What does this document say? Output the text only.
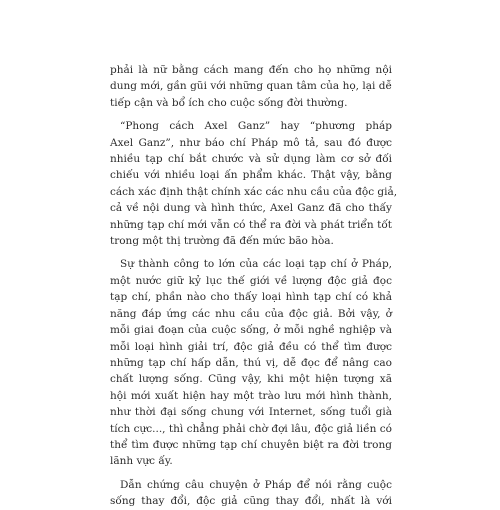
phải là nữ bằng cách mang đến cho họ những nội
dung mới, gần gũi với những quan tâm của họ, lại dễ
tiếp cận và bổ ích cho cuộc sống đời thường.

“Phong cách Axel Ganz” hay “phương pháp
Axel Ganz”, như báo chí Pháp mô tả, sau đó được
nhiều tạp chí bắt chước và sử dụng làm cơ sở đối
chiếu với nhiều loại ấn phẩm khác. Thật vậy, bằng
cách xác định thật chính xác các nhu cầu của độc giả,
cả về nội dung và hình thức, Axel Ganz đã cho thấy
những tạp chí mới vẫn có thể ra đời và phát triển tốt
trong một thị trường đã đến mức bão hòa.

Sự thành công to lớn của các loại tạp chí ở Pháp,
một nước giữ kỷ lục thế giới về lượng độc giả đọc
tạp chí, phần nào cho thấy loại hình tạp chí có khả
năng đáp ứng các nhu cầu của độc giả. Bởi vậy, ở
mỗi giai đoạn của cuộc sống, ở mỗi nghề nghiệp và
mỗi loại hình giải trí, độc giả đều có thể tìm được
những tạp chí hấp dẫn, thú vị, dễ đọc để nâng cao
chất lượng sống. Cũng vậy, khi một hiện tượng xã
hội mới xuất hiện hay một trào lưu mới hình thành,
như thời đại sống chung với Internet, sống tuổi già
tích cực..., thì chẳng phải chờ đợi lâu, độc giả liền có
thể tìm được những tạp chí chuyên biệt ra đời trong
lãnh vực ấy.

Dẫn chứng câu chuyện ở Pháp để nói rằng cuộc
sống thay đổi, độc giả cũng thay đổi, nhất là với
